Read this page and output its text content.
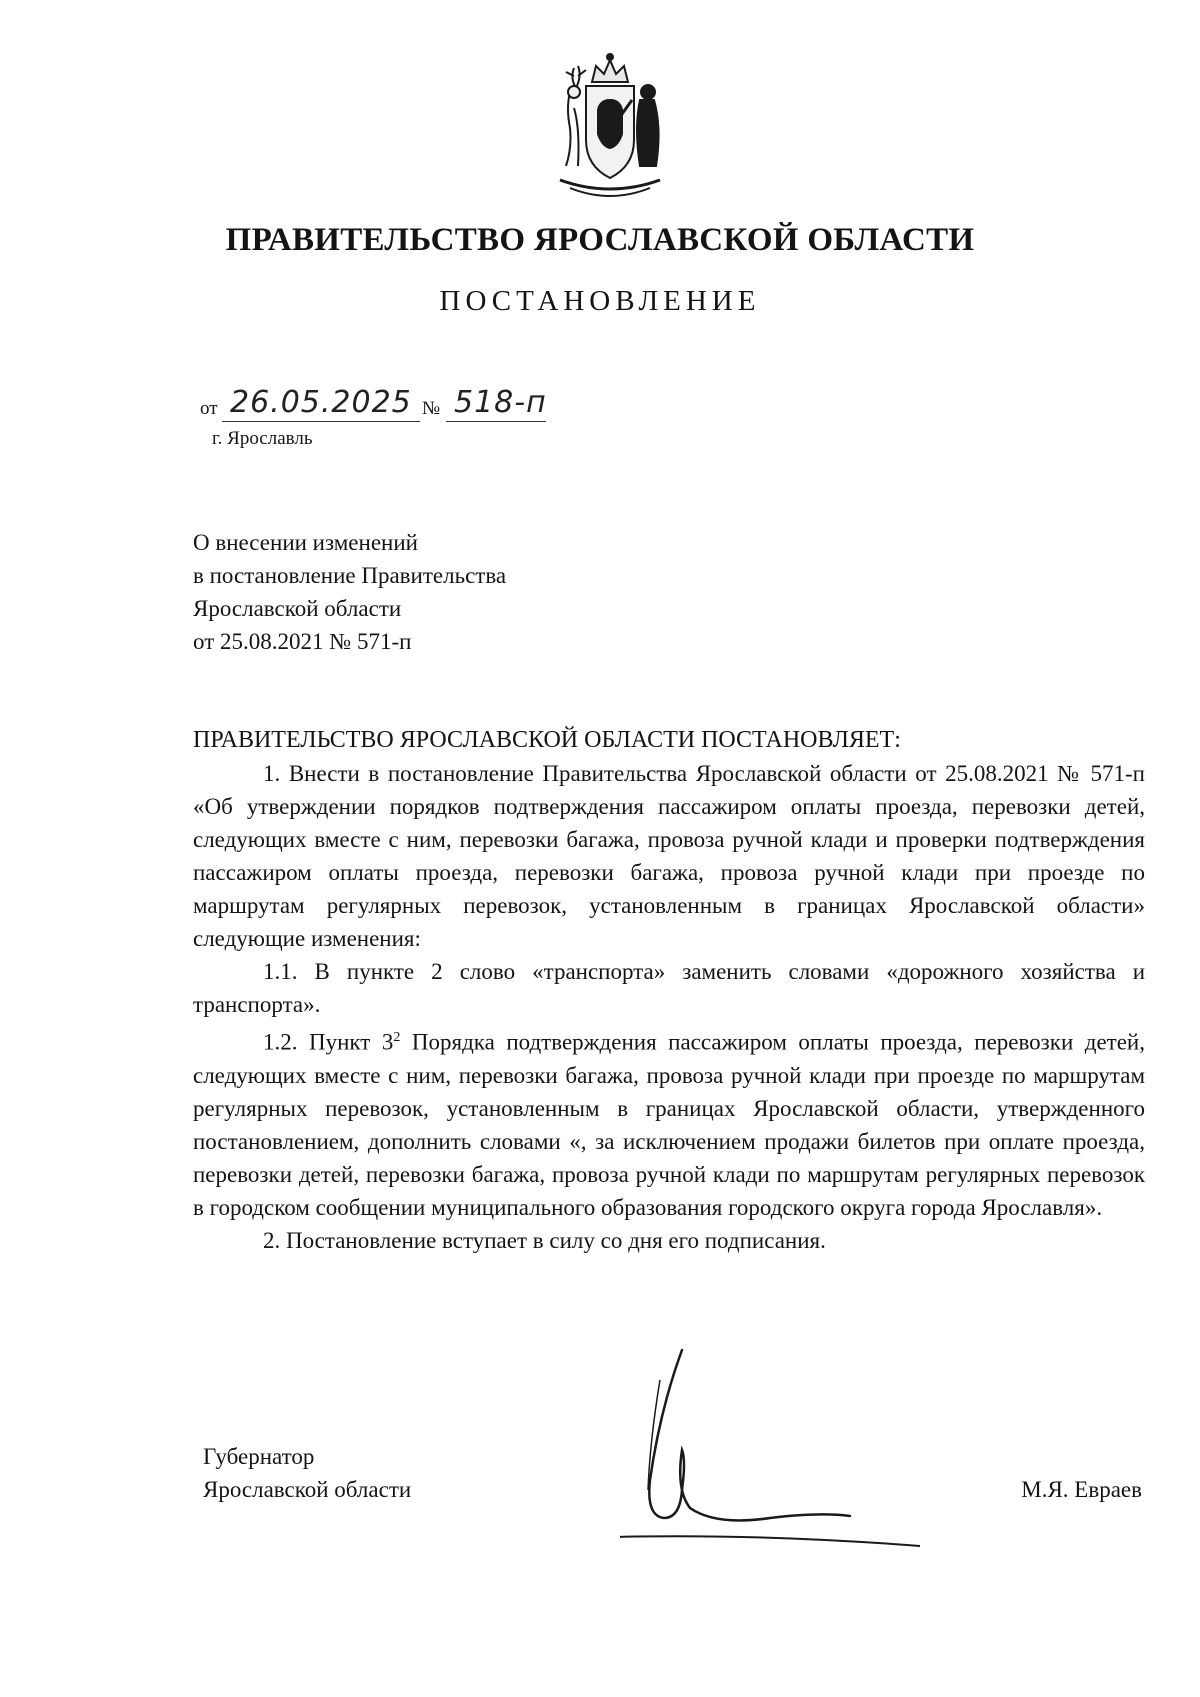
ПРАВИТЕЛЬСТВО ЯРОСЛАВСКОЙ ОБЛАСТИ
ПОСТАНОВЛЕНИЕ
от 26.05.2025 № 518-п
г. Ярославль
О внесении изменений
в постановление Правительства
Ярославской области
от 25.08.2021 № 571-п
ПРАВИТЕЛЬСТВО ЯРОСЛАВСКОЙ ОБЛАСТИ ПОСТАНОВЛЯЕТ:
1. Внести в постановление Правительства Ярославской области от 25.08.2021 № 571-п «Об утверждении порядков подтверждения пассажиром оплаты проезда, перевозки детей, следующих вместе с ним, перевозки багажа, провоза ручной клади и проверки подтверждения пассажиром оплаты проезда, перевозки багажа, провоза ручной клади при проезде по маршрутам регулярных перевозок, установленным в границах Ярославской области» следующие изменения:
1.1. В пункте 2 слово «транспорта» заменить словами «дорожного хозяйства и транспорта».
1.2. Пункт $3^2$ Порядка подтверждения пассажиром оплаты проезда, перевозки детей, следующих вместе с ним, перевозки багажа, провоза ручной клади при проезде по маршрутам регулярных перевозок, установленным в границах Ярославской области, утвержденного постановлением, дополнить словами «, за исключением продажи билетов при оплате проезда, перевозки детей, перевозки багажа, провоза ручной клади по маршрутам регулярных перевозок в городском сообщении муниципального образования городского округа города Ярославля».
2. Постановление вступает в силу со дня его подписания.
Губернатор
Ярославской области	М.Я. Евраев
